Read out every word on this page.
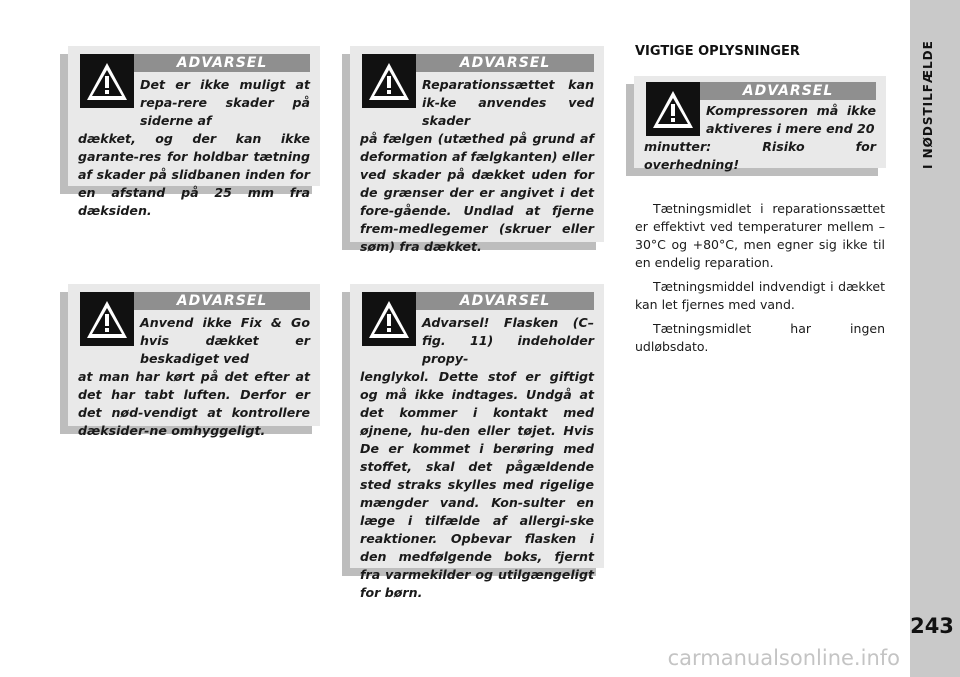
I NØDSTILFÆLDE
243
ADVARSEL
Det er ikke muligt at repa-rere skader på siderne af
dækket, og der kan ikke garante-res for holdbar tætning af skader på slidbanen inden for en afstand på 25 mm fra dæksiden.
ADVARSEL
Reparationssættet kan ik-ke anvendes ved skader
på fælgen (utæthed på grund af deformation af fælgkanten) eller ved skader på dækket uden for de grænser der er angivet i det fore-gående. Undlad at fjerne frem-medlegemer (skruer eller søm) fra dækket.
ADVARSEL
Anvend ikke Fix & Go hvis dækket er beskadiget ved
at man har kørt på det efter at det har tabt luften. Derfor er det nød-vendigt at kontrollere dæksider-ne omhyggeligt.
ADVARSEL
Advarsel! Flasken (C–fig. 11) indeholder propy-
lenglykol. Dette stof er giftigt og må ikke indtages. Undgå at det kommer i kontakt med øjnene, hu-den eller tøjet. Hvis De er kommet i berøring med stoffet, skal det pågældende sted straks skylles med rigelige mængder vand. Kon-sulter en læge i tilfælde af allergi-ske reaktioner. Opbevar flasken i den medfølgende boks, fjernt fra varmekilder og utilgængeligt for børn.
VIGTIGE OPLYSNINGER
ADVARSEL
Kompressoren må ikke aktiveres i mere end 20
minutter: Risiko for overhedning!

Tætningsmidlet i reparationssættet er effektivt ved temperaturer mellem –30°C og +80°C, men egner sig ikke til en endelig reparation.

Tætningsmiddel indvendigt i dækket kan let fjernes med vand.

Tætningsmidlet har ingen udløbsdato.

carmanualsonline.info
